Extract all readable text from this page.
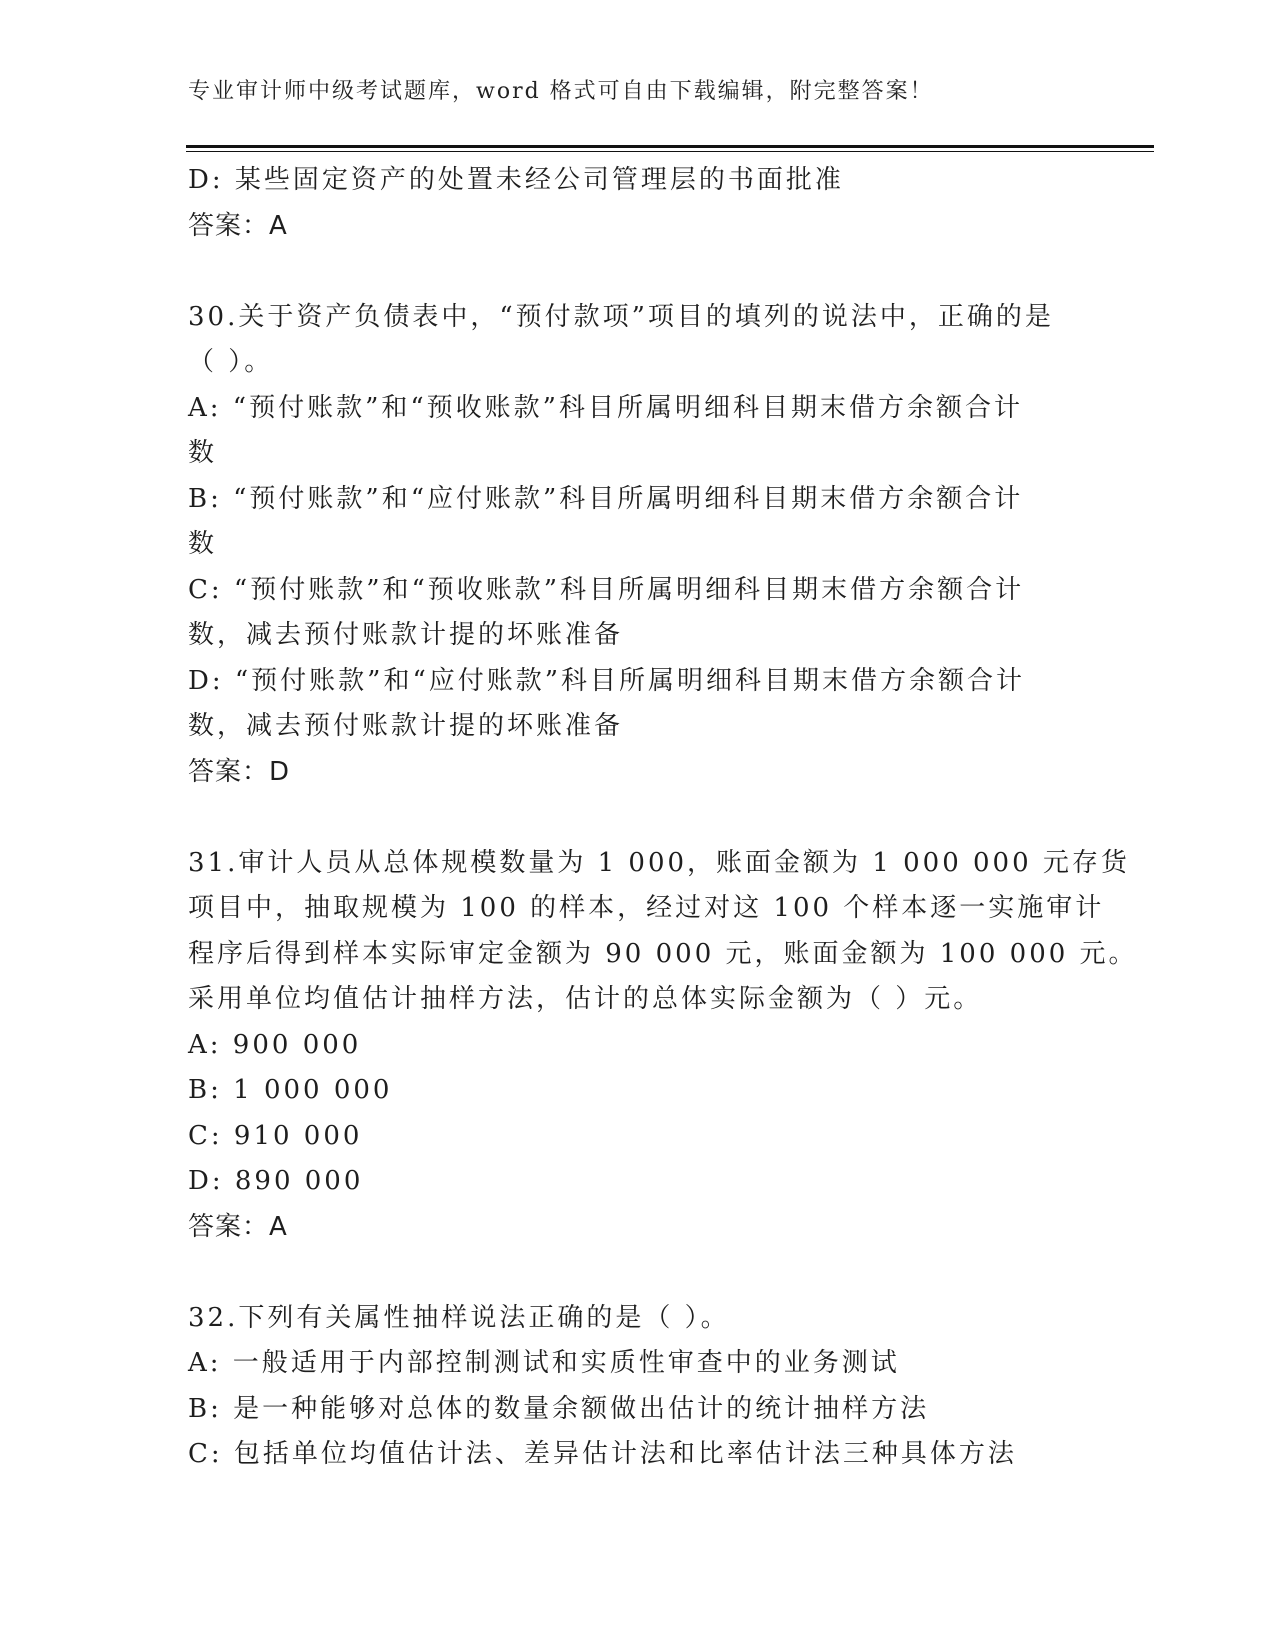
专业审计师中级考试题库，word 格式可自由下载编辑，附完整答案！
D: 某些固定资产的处置未经公司管理层的书面批准
答案：A
30.关于资产负债表中，“预付款项”项目的填列的说法中，正确的是
（ ）。
A: “预付账款”和“预收账款”科目所属明细科目期末借方余额合计
数
B: “预付账款”和“应付账款”科目所属明细科目期末借方余额合计
数
C: “预付账款”和“预收账款”科目所属明细科目期末借方余额合计
数，减去预付账款计提的坏账准备
D: “预付账款”和“应付账款”科目所属明细科目期末借方余额合计
数，减去预付账款计提的坏账准备
答案：D
31.审计人员从总体规模数量为 1 000，账面金额为 1 000 000 元存货
项目中，抽取规模为 100 的样本，经过对这 100 个样本逐一实施审计
程序后得到样本实际审定金额为 90 000 元，账面金额为 100 000 元。
采用单位均值估计抽样方法，估计的总体实际金额为（ ）元。
A: 900 000
B: 1 000 000
C: 910 000
D: 890 000
答案：A
32.下列有关属性抽样说法正确的是（ ）。
A: 一般适用于内部控制测试和实质性审查中的业务测试
B: 是一种能够对总体的数量余额做出估计的统计抽样方法
C: 包括单位均值估计法、差异估计法和比率估计法三种具体方法
